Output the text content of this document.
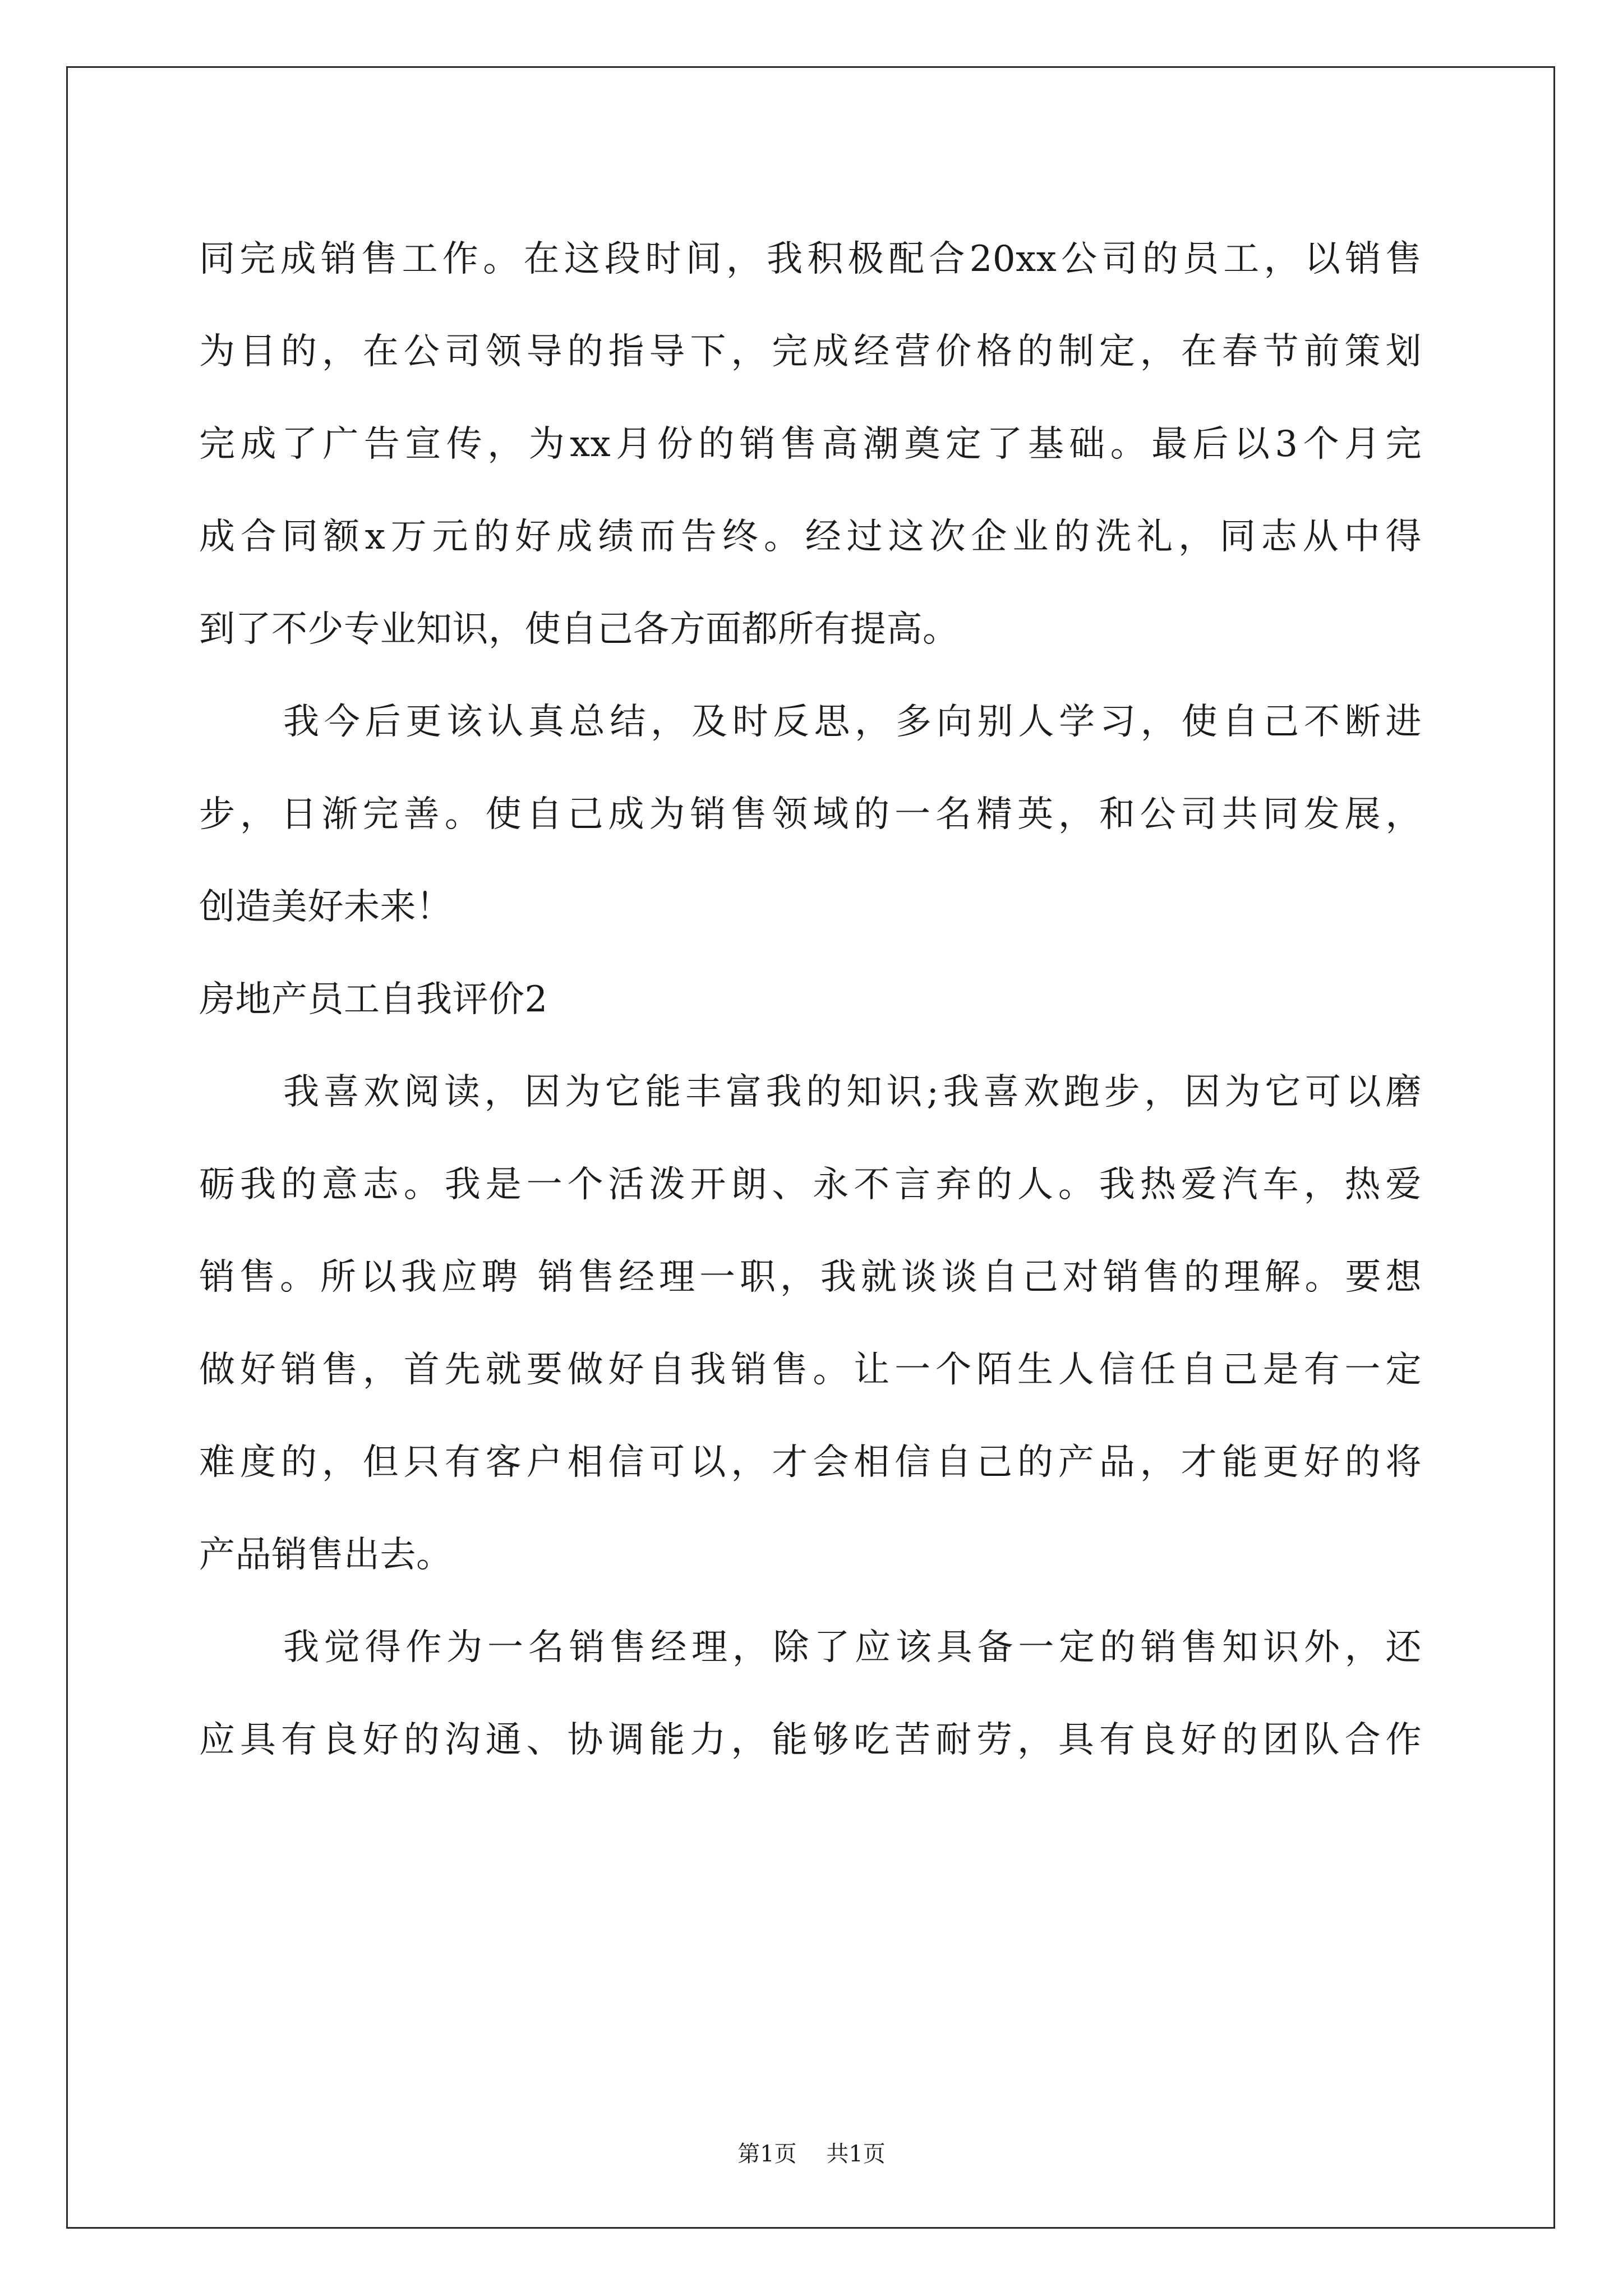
同完成销售工作。在这段时间，我积极配合20xx公司的员工，以销售
为目的，在公司领导的指导下，完成经营价格的制定，在春节前策划
完成了广告宣传，为xx月份的销售高潮奠定了基础。最后以3个月完
成合同额x万元的好成绩而告终。经过这次企业的洗礼，同志从中得
到了不少专业知识，使自己各方面都所有提高。
我今后更该认真总结，及时反思，多向别人学习，使自己不断进
步，日渐完善。使自己成为销售领域的一名精英，和公司共同发展，
创造美好未来！
房地产员工自我评价2
我喜欢阅读，因为它能丰富我的知识;我喜欢跑步，因为它可以磨
砺我的意志。我是一个活泼开朗、永不言弃的人。我热爱汽车，热爱
销售。所以我应聘 销售经理一职，我就谈谈自己对销售的理解。要想
做好销售，首先就要做好自我销售。让一个陌生人信任自己是有一定
难度的，但只有客户相信可以，才会相信自己的产品，才能更好的将
产品销售出去。
我觉得作为一名销售经理，除了应该具备一定的销售知识外，还
应具有良好的沟通、协调能力，能够吃苦耐劳，具有良好的团队合作
第1页 共1页
